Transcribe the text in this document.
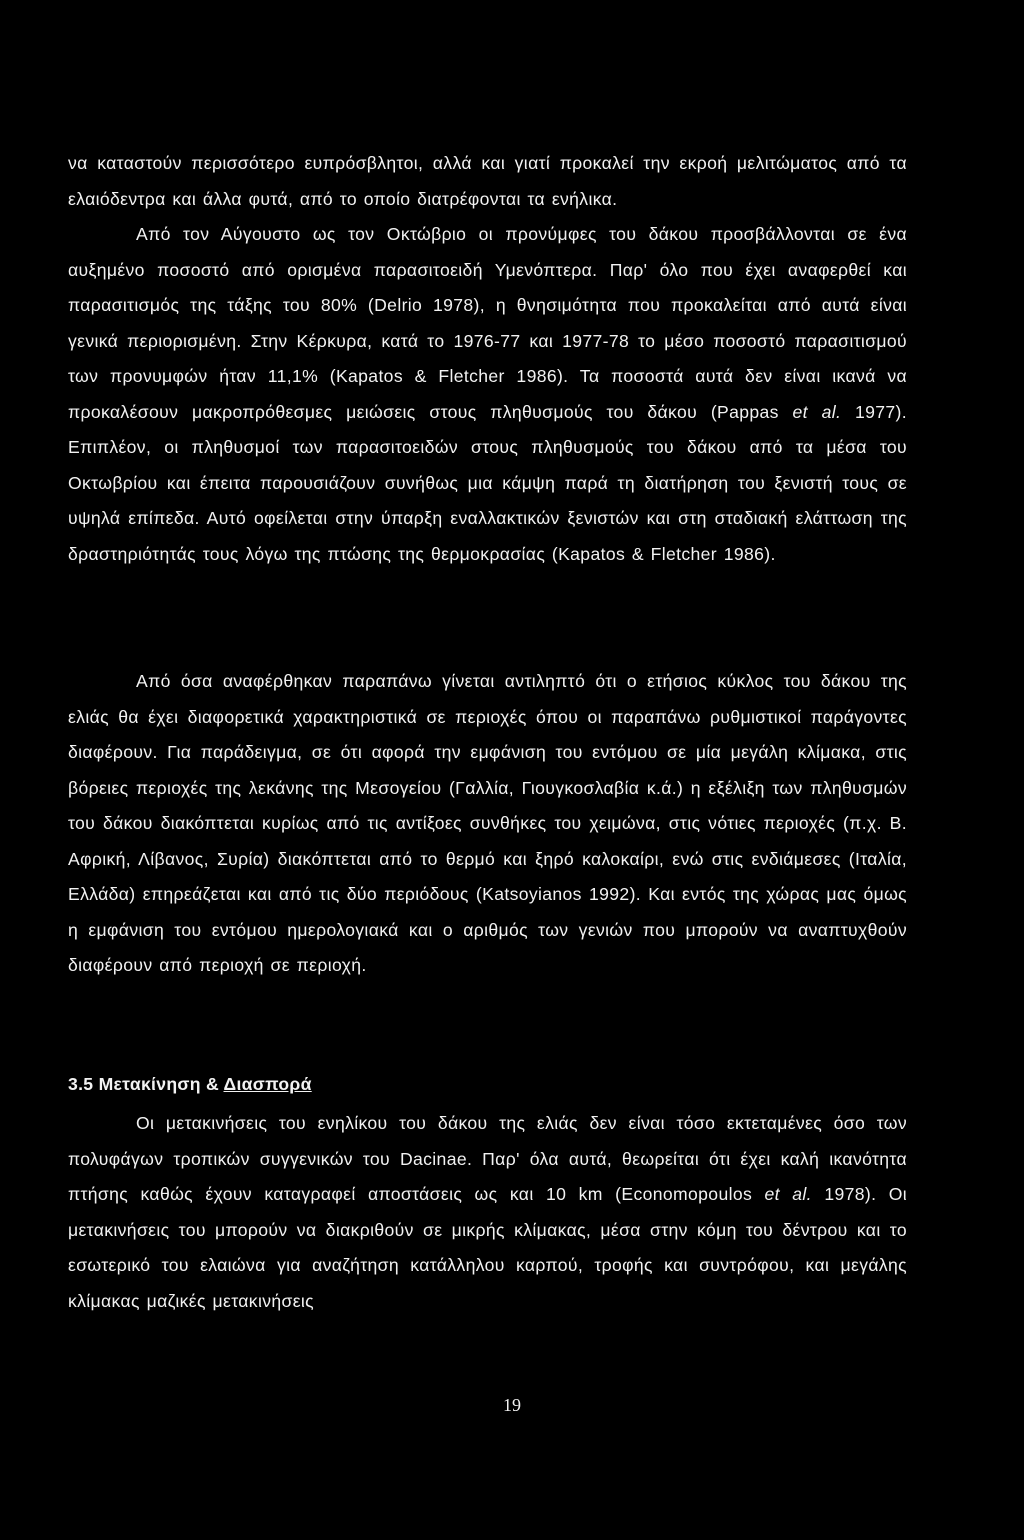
να καταστούν περισσότερο ευπρόσβλητοι, αλλά και γιατί προκαλεί την εκροή μελιτώματος από τα ελαιόδεντρα και άλλα φυτά, από το οποίο διατρέφονται τα ενήλικα.

Από τον Αύγουστο ως τον Οκτώβριο οι προνύμφες του δάκου προσβάλλονται σε ένα αυξημένο ποσοστό από ορισμένα παρασιτοειδή Υμενόπτερα. Παρ' όλο που έχει αναφερθεί και παρασιτισμός της τάξης του 80% (Delrio 1978), η θνησιμότητα που προκαλείται από αυτά είναι γενικά περιορισμένη. Στην Κέρκυρα, κατά το 1976-77 και 1977-78 το μέσο ποσοστό παρασιτισμού των προνυμφών ήταν 11,1% (Kapatos & Fletcher 1986). Τα ποσοστά αυτά δεν είναι ικανά να προκαλέσουν μακροπρόθεσμες μειώσεις στους πληθυσμούς του δάκου (Pappas et al. 1977). Επιπλέον, οι πληθυσμοί των παρασιτοειδών στους πληθυσμούς του δάκου από τα μέσα του Οκτωβρίου και έπειτα παρουσιάζουν συνήθως μια κάμψη παρά τη διατήρηση του ξενιστή τους σε υψηλά επίπεδα. Αυτό οφείλεται στην ύπαρξη εναλλακτικών ξενιστών και στη σταδιακή ελάττωση της δραστηριότητάς τους λόγω της πτώσης της θερμοκρασίας (Kapatos & Fletcher 1986).

Από όσα αναφέρθηκαν παραπάνω γίνεται αντιληπτό ότι ο ετήσιος κύκλος του δάκου της ελιάς θα έχει διαφορετικά χαρακτηριστικά σε περιοχές όπου οι παραπάνω ρυθμιστικοί παράγοντες διαφέρουν. Για παράδειγμα, σε ότι αφορά την εμφάνιση του εντόμου σε μία μεγάλη κλίμακα, στις βόρειες περιοχές της λεκάνης της Μεσογείου (Γαλλία, Γιουγκοσλαβία κ.ά.) η εξέλιξη των πληθυσμών του δάκου διακόπτεται κυρίως από τις αντίξοες συνθήκες του χειμώνα, στις νότιες περιοχές (π.χ. Β. Αφρική, Λίβανος, Συρία) διακόπτεται από το θερμό και ξηρό καλοκαίρι, ενώ στις ενδιάμεσες (Ιταλία, Ελλάδα) επηρεάζεται και από τις δύο περιόδους (Katsoyianos 1992). Και εντός της χώρας μας όμως η εμφάνιση του εντόμου ημερολογιακά και ο αριθμός των γενιών που μπορούν να αναπτυχθούν διαφέρουν από περιοχή σε περιοχή.

3.5 Μετακίνηση & Διασπορά

Οι μετακινήσεις του ενηλίκου του δάκου της ελιάς δεν είναι τόσο εκτεταμένες όσο των πολυφάγων τροπικών συγγενικών του Dacinae. Παρ' όλα αυτά, θεωρείται ότι έχει καλή ικανότητα πτήσης καθώς έχουν καταγραφεί αποστάσεις ως και 10 km (Economopoulos et al. 1978). Οι μετακινήσεις του μπορούν να διακριθούν σε μικρής κλίμακας, μέσα στην κόμη του δέντρου και το εσωτερικό του ελαιώνα για αναζήτηση κατάλληλου καρπού, τροφής και συντρόφου, και μεγάλης κλίμακας μαζικές μετακινήσεις

19
